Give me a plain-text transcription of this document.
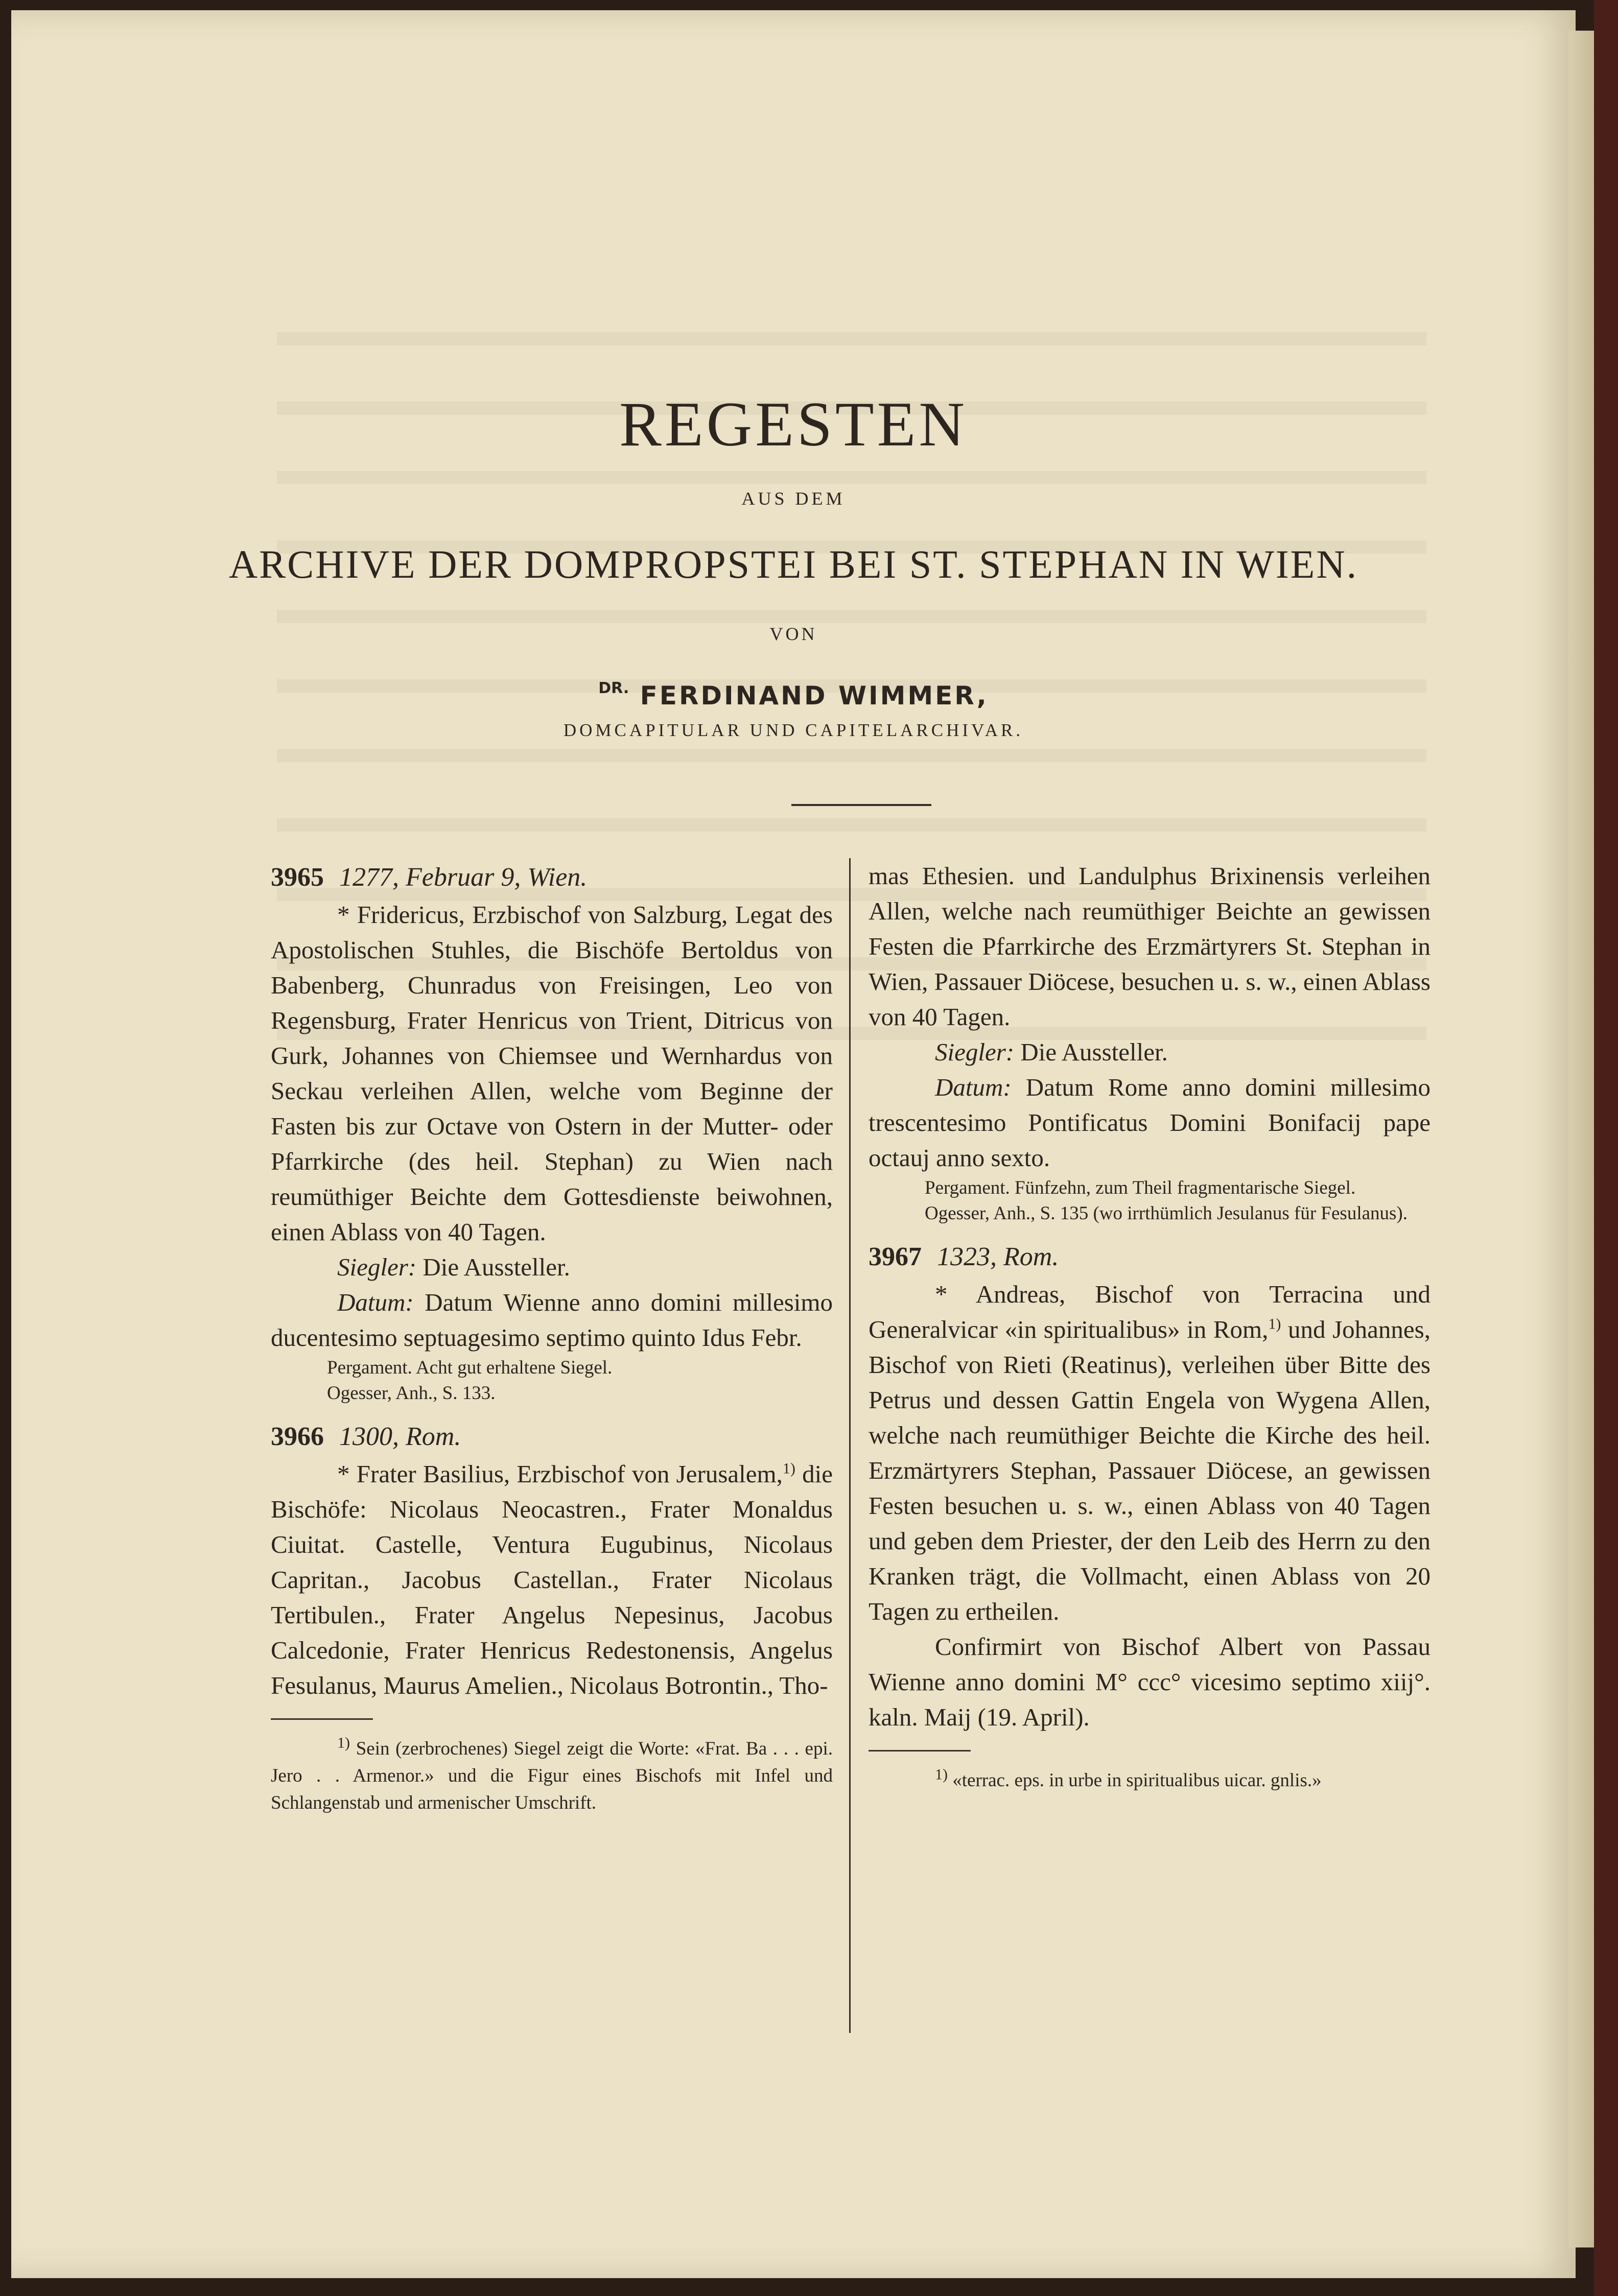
REGESTEN
AUS DEM
ARCHIVE DER DOMPROPSTEI BEI ST. STEPHAN IN WIEN.
VON
$^{DR.}$ FERDINAND WIMMER,
DOMCAPITULAR UND CAPITELARCHIVAR.

3965 1277, Februar 9, Wien.

* Fridericus, Erzbischof von Salzburg, Legat des Apostolischen Stuhles, die Bischöfe Bertoldus von Babenberg, Chunradus von Freisingen, Leo von Regensburg, Frater Henricus von Trient, Ditricus von Gurk, Johannes von Chiemsee und Wernhardus von Seckau verleihen Allen, welche vom Beginne der Fasten bis zur Octave von Ostern in der Mutter- oder Pfarrkirche (des heil. Stephan) zu Wien nach reumüthiger Beichte dem Gottesdienste beiwohnen, einen Ablass von 40 Tagen.

Siegler: Die Aussteller.

Datum: Datum Wienne anno domini millesimo ducentesimo septuagesimo septimo quinto Idus Febr.

Pergament. Acht gut erhaltene Siegel.

Ogesser, Anh., S. 133.

3966 1300, Rom.

* Frater Basilius, Erzbischof von Jerusalem,$^{1)}$ die Bischöfe: Nicolaus Neocastren., Frater Monaldus Ciuitat. Castelle, Ventura Eugubinus, Nicolaus Capritan., Jacobus Castellan., Frater Nicolaus Tertibulen., Frater Angelus Nepesinus, Jacobus Calcedonie, Frater Henricus Redestonensis, Angelus Fesulanus, Maurus Amelien., Nicolaus Botrontin., Tho-

$^{1)}$ Sein (zerbrochenes) Siegel zeigt die Worte: «Frat. Ba . . . epi. Jero . . Armenor.» und die Figur eines Bischofs mit Infel und Schlangenstab und armenischer Umschrift.

mas Ethesien. und Landulphus Brixinensis verleihen Allen, welche nach reumüthiger Beichte an gewissen Festen die Pfarrkirche des Erzmärtyrers St. Stephan in Wien, Passauer Diöcese, besuchen u. s. w., einen Ablass von 40 Tagen.

Siegler: Die Aussteller.

Datum: Datum Rome anno domini millesimo trescentesimo Pontificatus Domini Bonifacij pape octauj anno sexto.

Pergament. Fünfzehn, zum Theil fragmentarische Siegel.

Ogesser, Anh., S. 135 (wo irrthümlich Jesulanus für Fesulanus).

3967 1323, Rom.

* Andreas, Bischof von Terracina und Generalvicar «in spiritualibus» in Rom,$^{1)}$ und Johannes, Bischof von Rieti (Reatinus), verleihen über Bitte des Petrus und dessen Gattin Engela von Wygena Allen, welche nach reumüthiger Beichte die Kirche des heil. Erzmärtyrers Stephan, Passauer Diöcese, an gewissen Festen besuchen u. s. w., einen Ablass von 40 Tagen und geben dem Priester, der den Leib des Herrn zu den Kranken trägt, die Vollmacht, einen Ablass von 20 Tagen zu ertheilen.

Confirmirt von Bischof Albert von Passau Wienne anno domini M° ccc° vicesimo septimo xiij°. kaln. Maij (19. April).

$^{1)}$ «terrac. eps. in urbe in spiritualibus uicar. gnlis.»
